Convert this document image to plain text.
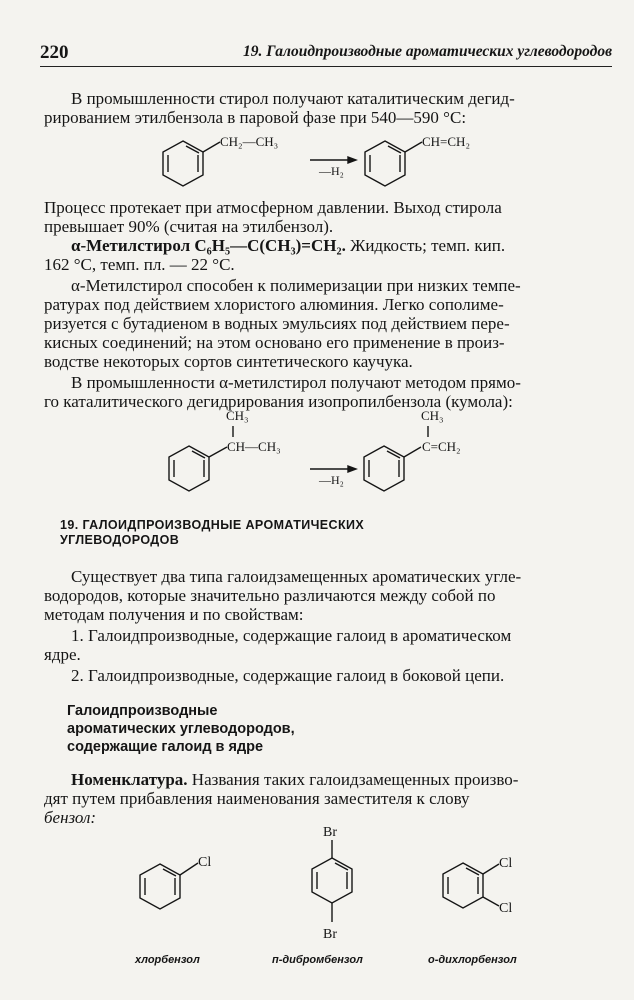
220	19. Галоидпроизводные ароматических углеводородов
В промышленности стирол получают каталитическим дегид-
рированием этилбензола в паровой фазе при 540—590 °С:
Процесс протекает при атмосферном давлении. Выход стирола
превышает 90% (считая на этилбензол).
α-Метилстирол C₆H₅—C(CH₃)=CH₂. Жидкость; темп. кип.
162 °С, темп. пл. — 22 °С.
α-Метилстирол способен к полимеризации при низких темпе-
ратурах под действием хлористого алюминия. Легко сополиме-
ризуется с бутадиеном в водных эмульсиях под действием пере-
кисных соединений; на этом основано его применение в произ-
водстве некоторых сортов синтетического каучука.
В промышленности α-метилстирол получают методом прямо-
го каталитического дегидрирования изопропилбензола (кумола):
19. ГАЛОИДПРОИЗВОДНЫЕ АРОМАТИЧЕСКИХ
УГЛЕВОДОРОДОВ
Существует два типа галоидзамещенных ароматических угле-
водородов, которые значительно различаются между собой по
методам получения и по свойствам:
1. Галоидпроизводные, содержащие галоид в ароматическом
ядре.
2. Галоидпроизводные, содержащие галоид в боковой цепи.
Галоидпроизводные
ароматических углеводородов,
содержащие галоид в ядре
Номенклатура. Названия таких галоидзамещенных произво-
дят путем прибавления наименования заместителя к слову
бензол:
CH₂—CH₃
—H₂
CH=CH₂
CH₃
CH—CH₃
—H₂
CH₃
C=CH₂
Cl
Br
Br
Cl
Cl
хлорбензол	п-дибромбензол	о-дихлорбензол
